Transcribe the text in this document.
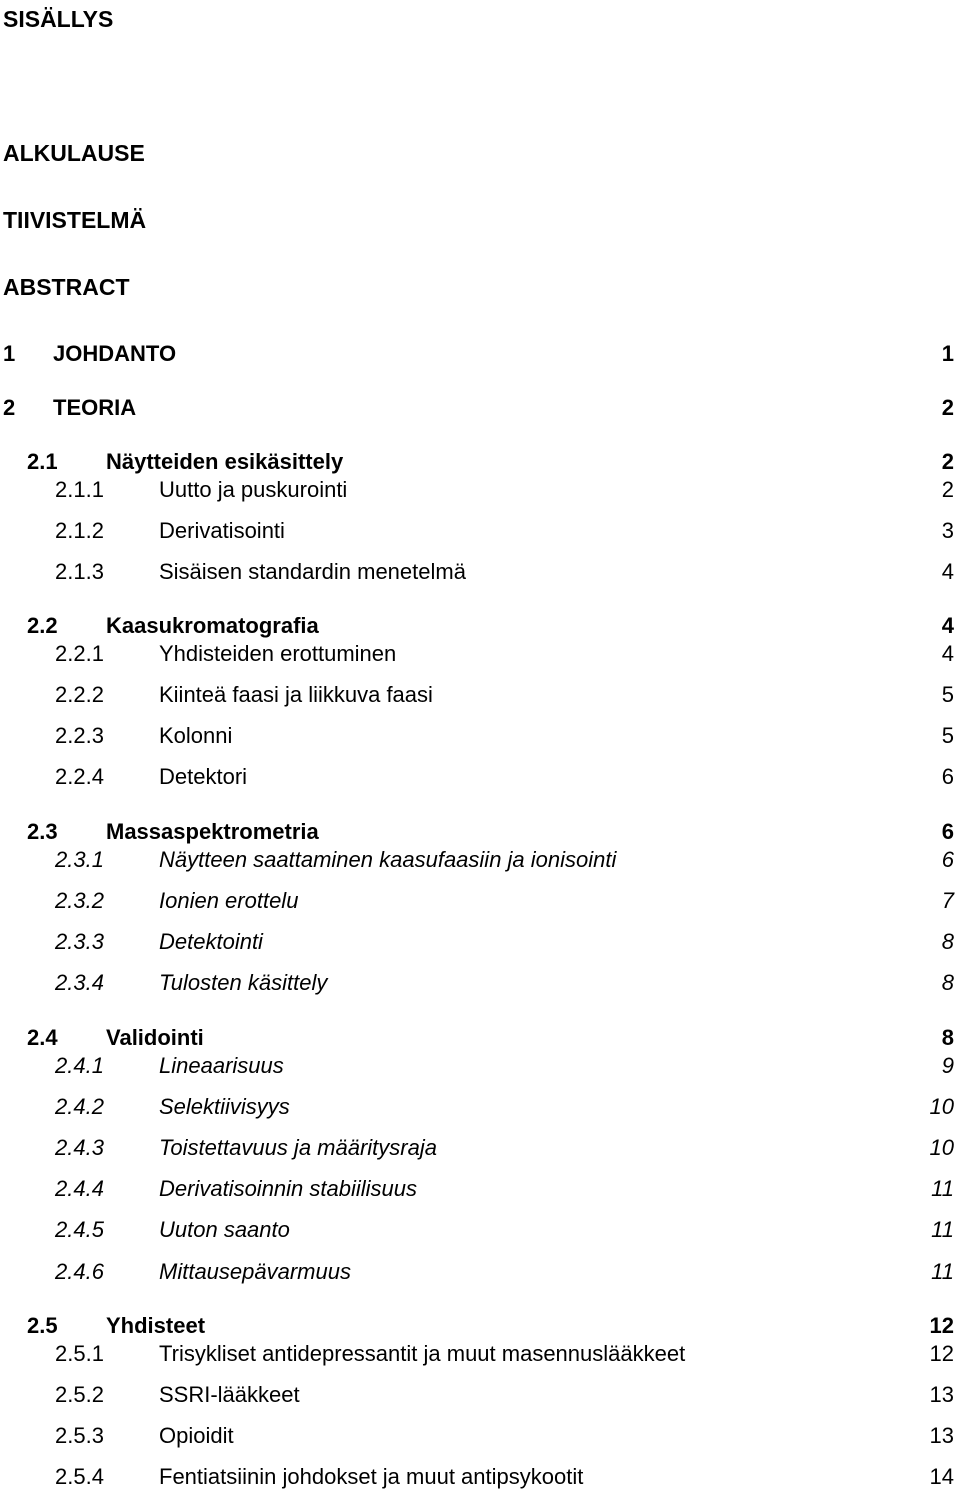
SISÄLLYS
ALKULAUSE
TIIVISTELMÄ
ABSTRACT
1 JOHDANTO	1
2 TEORIA	2
2.1 Näytteiden esikäsittely	2
2.1.1	Uutto ja puskurointi	2
2.1.2	Derivatisointi	3
2.1.3	Sisäisen standardin menetelmä	4
2.2 Kaasukromatografia	4
2.2.1	Yhdisteiden erottuminen	4
2.2.2	Kiinteä faasi ja liikkuva faasi	5
2.2.3	Kolonni	5
2.2.4	Detektori	6
2.3 Massaspektrometria	6
2.3.1	Näytteen saattaminen kaasufaasiin ja ionisointi	6
2.3.2	Ionien erottelu	7
2.3.3	Detektointi	8
2.3.4	Tulosten käsittely	8
2.4 Validointi	8
2.4.1	Lineaarisuus	9
2.4.2	Selektiivisyys	10
2.4.3	Toistettavuus ja määritysraja	10
2.4.4	Derivatisoinnin stabiilisuus	11
2.4.5	Uuton saanto	11
2.4.6	Mittausepävarmuus	11
2.5 Yhdisteet	12
2.5.1	Trisykliset antidepressantit ja muut masennuslääkkeet	12
2.5.2	SSRI-lääkkeet	13
2.5.3	Opioidit	13
2.5.4	Fentiatsiinin johdokset ja muut antipsykootit	14
